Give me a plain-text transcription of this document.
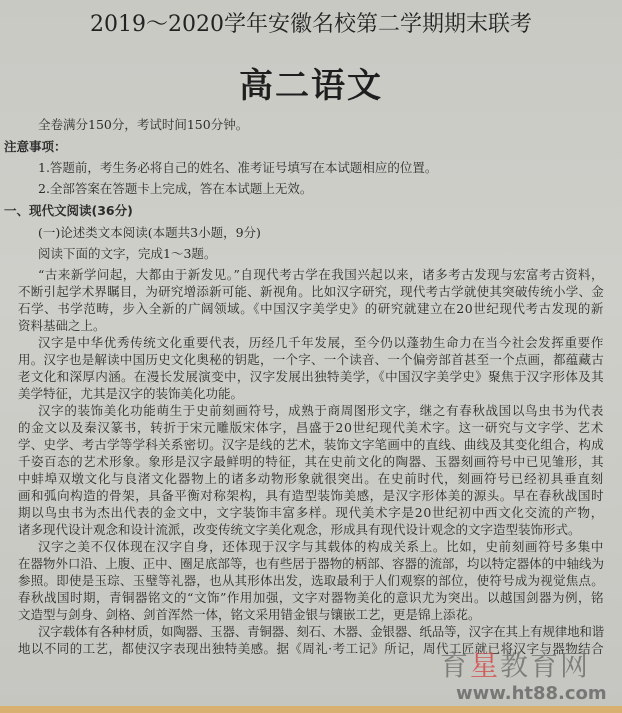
2019～2020学年安徽名校第二学期期末联考
高二语文
全卷满分150分，考试时间150分钟。
注意事项：
1.答题前，考生务必将自己的姓名、准考证号填写在本试题相应的位置。
2.全部答案在答题卡上完成，答在本试题上无效。
一、现代文阅读(36分)
(一)论述类文本阅读(本题共3小题，9分)
阅读下面的文字，完成1～3题。
“古来新学问起，大都由于新发见。”自现代考古学在我国兴起以来，诸多考古发现与宏富考古资料，
不断引起学术界瞩目，为研究增添新可能、新视角。比如汉字研究，现代考古学就使其突破传统小学、金
石学、书学范畴，步入全新的广阔领域。《中国汉字美学史》的研究就建立在20世纪现代考古发现的新
资料基础之上。
汉字是中华优秀传统文化重要代表，历经几千年发展，至今仍以蓬勃生命力在当今社会发挥重要作
用。汉字也是解读中国历史文化奥秘的钥匙，一个字、一个读音、一个偏旁部首甚至一个点画，都蕴藏古
老文化和深厚内涵。在漫长发展演变中，汉字发展出独特美学，《中国汉字美学史》聚焦于汉字形体及其
美学特征，尤其是汉字的装饰美化功能。
汉字的装饰美化功能萌生于史前刻画符号，成熟于商周图形文字，继之有春秋战国以鸟虫书为代表
的金文以及秦汉篆书，转折于宋元雕版宋体字，昌盛于20世纪现代美术字。这一研究与文字学、艺术
学、史学、考古学等学科关系密切。汉字是线的艺术，装饰文字笔画中的直线、曲线及其变化组合，构成
千姿百态的艺术形象。象形是汉字最鲜明的特征，其在史前文化的陶器、玉器刻画符号中已见雏形，其
中蚌埠双墩文化与良渚文化器物上的诸多动物形象就很突出。在史前时代，刻画符号已经初具垂直刻
画和弧向构造的骨架，具备平衡对称架构，具有造型装饰美感，是汉字形体美的源头。早在春秋战国时
期以鸟虫书为杰出代表的金文中，文字装饰丰富多样。现代美术字是20世纪初中西文化交流的产物，
诸多现代设计观念和设计流派，改变传统文字美化观念，形成具有现代设计观念的文字造型装饰形式。
汉字之美不仅体现在汉字自身，还体现于汉字与其载体的构成关系上。比如，史前刻画符号多集中
在器物外口沿、上腹、正中、圈足底部等，也有些居于器物的柄部、容器的流部，均以特定器体的中轴线为
参照。即使是玉琮、玉璧等礼器，也从其形体出发，选取最利于人们观察的部位，使符号成为视觉焦点。
春秋战国时期，青铜器铭文的“文饰”作用加强，文字对器物美化的意识尤为突出。以越国剑器为例，铭
文造型与剑身、剑格、剑首浑然一体，铭文采用错金银与镶嵌工艺，更是锦上添花。
汉字载体有各种材质，如陶器、玉器、青铜器、刻石、木器、金银器、纸品等，汉字在其上有规律地和谐
地以不同的工艺，都使汉字表现出独特美感。据《周礼·考工记》所记，周代工匠就已将汉字与器物结合
育星教育网
www.ht88.com
